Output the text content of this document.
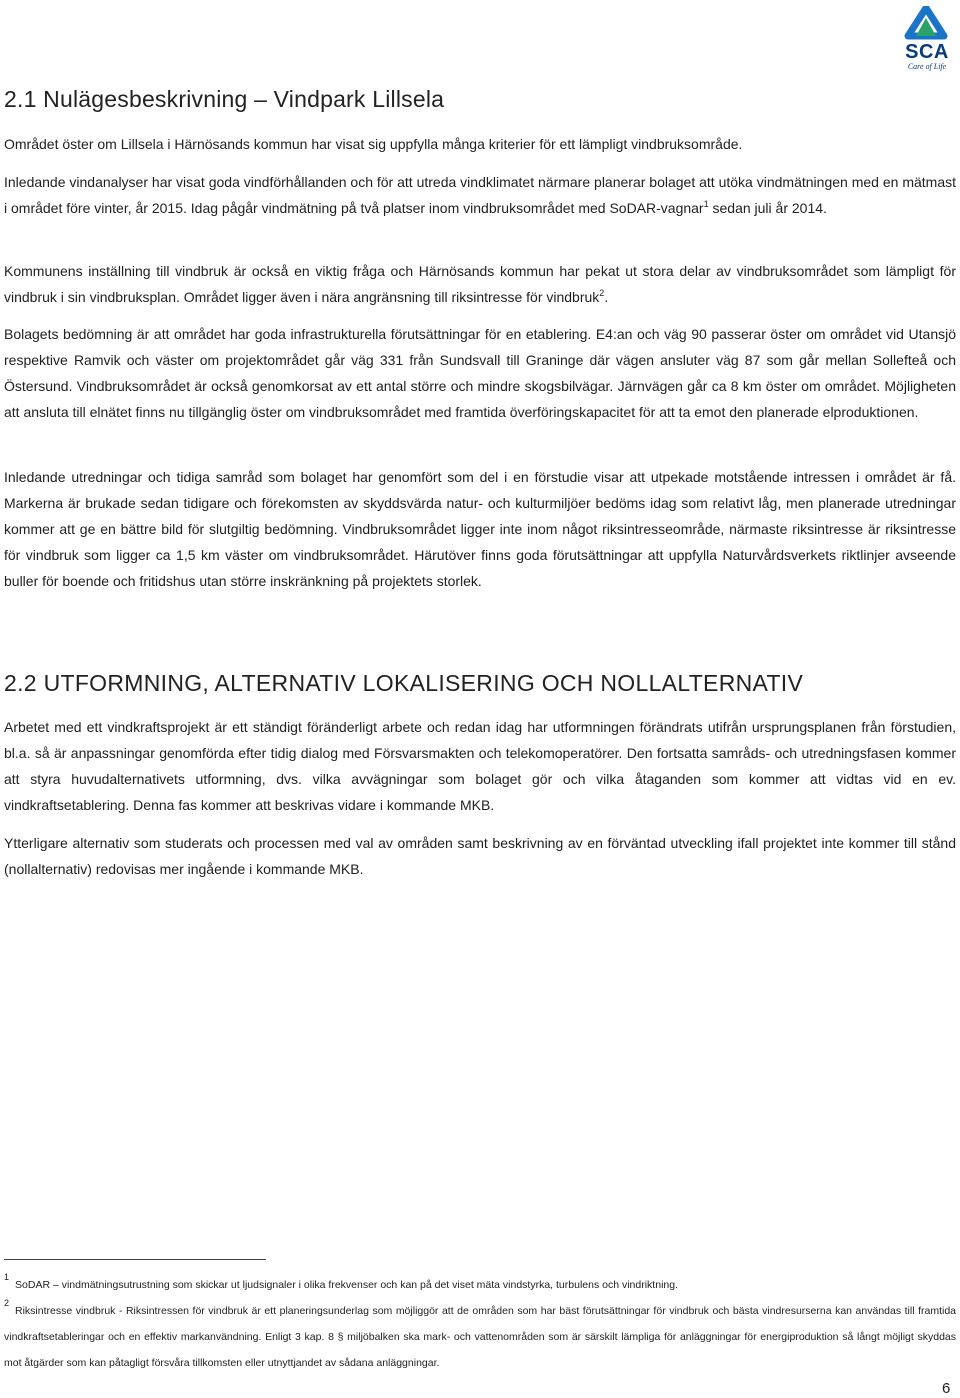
SCA
Care of Life
2.1 Nulägesbeskrivning – Vindpark Lillsela

Området öster om Lillsela i Härnösands kommun har visat sig uppfylla många kriterier för ett lämpligt vindbruksområde.

Inledande vindanalyser har visat goda vindförhållanden och för att utreda vindklimatet närmare planerar bolaget att utöka vindmätningen med en mätmast i området före vinter, år 2015. Idag pågår vindmätning på två platser inom vindbruksområdet med SoDAR-vagnar$^1$ sedan juli år 2014.

Kommunens inställning till vindbruk är också en viktig fråga och Härnösands kommun har pekat ut stora delar av vindbruksområdet som lämpligt för vindbruk i sin vindbruksplan. Området ligger även i nära angränsning till riksintresse för vindbruk$^2$.

Bolagets bedömning är att området har goda infrastrukturella förutsättningar för en etablering. E4:an och väg 90 passerar öster om området vid Utansjö respektive Ramvik och väster om projektområdet går väg 331 från Sundsvall till Graninge där vägen ansluter väg 87 som går mellan Sollefteå och Östersund. Vindbruksområdet är också genomkorsat av ett antal större och mindre skogsbilvägar. Järnvägen går ca 8 km öster om området. Möjligheten att ansluta till elnätet finns nu tillgänglig öster om vindbruksområdet med framtida överföringskapacitet för att ta emot den planerade elproduktionen.

Inledande utredningar och tidiga samråd som bolaget har genomfört som del i en förstudie visar att utpekade motstående intressen i området är få. Markerna är brukade sedan tidigare och förekomsten av skyddsvärda natur- och kulturmiljöer bedöms idag som relativt låg, men planerade utredningar kommer att ge en bättre bild för slutgiltig bedömning. Vindbruksområdet ligger inte inom något riksintresseområde, närmaste riksintresse är riksintresse för vindbruk som ligger ca 1,5 km väster om vindbruksområdet. Härutöver finns goda förutsättningar att uppfylla Naturvårdsverkets riktlinjer avseende buller för boende och fritidshus utan större inskränkning på projektets storlek.

2.2 UTFORMNING, ALTERNATIV LOKALISERING OCH NOLLALTERNATIV

Arbetet med ett vindkraftsprojekt är ett ständigt föränderligt arbete och redan idag har utformningen förändrats utifrån ursprungsplanen från förstudien, bl.a. så är anpassningar genomförda efter tidig dialog med Försvarsmakten och telekomoperatörer. Den fortsatta samråds- och utredningsfasen kommer att styra huvudalternativets utformning, dvs. vilka avvägningar som bolaget gör och vilka åtaganden som kommer att vidtas vid en ev. vindkraftsetablering. Denna fas kommer att beskrivas vidare i kommande MKB.

Ytterligare alternativ som studerats och processen med val av områden samt beskrivning av en förväntad utveckling ifall projektet inte kommer till stånd (nollalternativ) redovisas mer ingående i kommande MKB.

1SoDAR – vindmätningsutrustning som skickar ut ljudsignaler i olika frekvenser och kan på det viset mäta vindstyrka, turbulens och vindriktning.

2Riksintresse vindbruk - Riksintressen för vindbruk är ett planeringsunderlag som möjliggör att de områden som har bäst förutsättningar för vindbruk och bästa vindresurserna kan användas till framtida vindkraftsetableringar och en effektiv markanvändning. Enligt 3 kap. 8 § miljöbalken ska mark- och vattenområden som är särskilt lämpliga för anläggningar för energiproduktion så långt möjligt skyddas mot åtgärder som kan påtagligt försvåra tillkomsten eller utnyttjandet av sådana anläggningar.

6
